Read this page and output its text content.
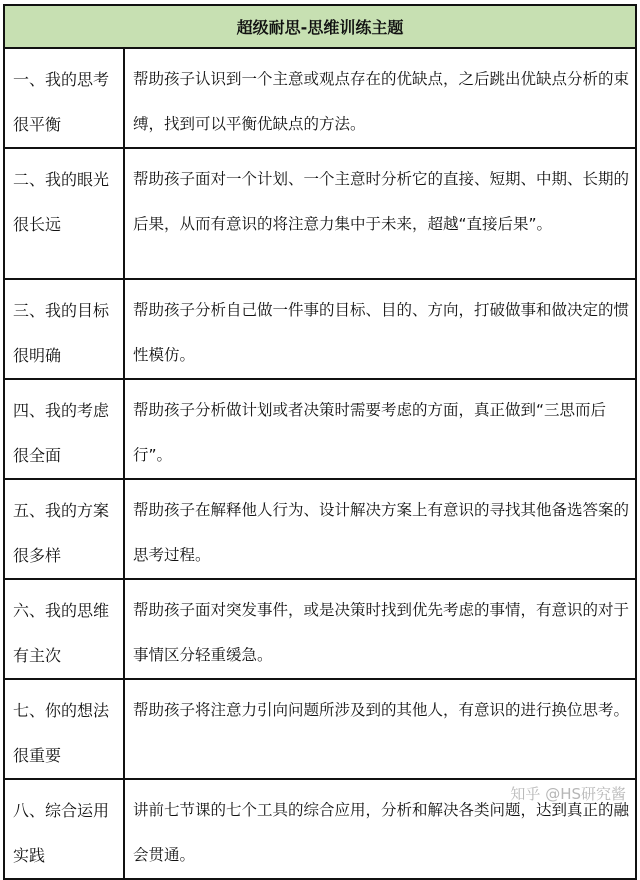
超级耐思-思维训练主题	

一、我的思考很平衡	帮助孩子认识到一个主意或观点存在的优缺点，之后跳出优缺点分析的束缚，找到可以平衡优缺点的方法。

二、我的眼光很长远	帮助孩子面对一个计划、一个主意时分析它的直接、短期、中期、长期的后果，从而有意识的将注意力集中于未来，超越“直接后果”。

三、我的目标很明确	帮助孩子分析自己做一件事的目标、目的、方向，打破做事和做决定的惯性模仿。

四、我的考虑很全面	帮助孩子分析做计划或者决策时需要考虑的方面，真正做到“三思而后行”。

五、我的方案很多样	帮助孩子在解释他人行为、设计解决方案上有意识的寻找其他备选答案的思考过程。

六、我的思维有主次	帮助孩子面对突发事件，或是决策时找到优先考虑的事情，有意识的对于事情区分轻重缓急。

七、你的想法很重要	帮助孩子将注意力引向问题所涉及到的其他人，有意识的进行换位思考。

八、综合运用实践	讲前七节课的七个工具的综合应用，分析和解决各类问题，达到真正的融会贯通。
知乎 @HS研究酱
